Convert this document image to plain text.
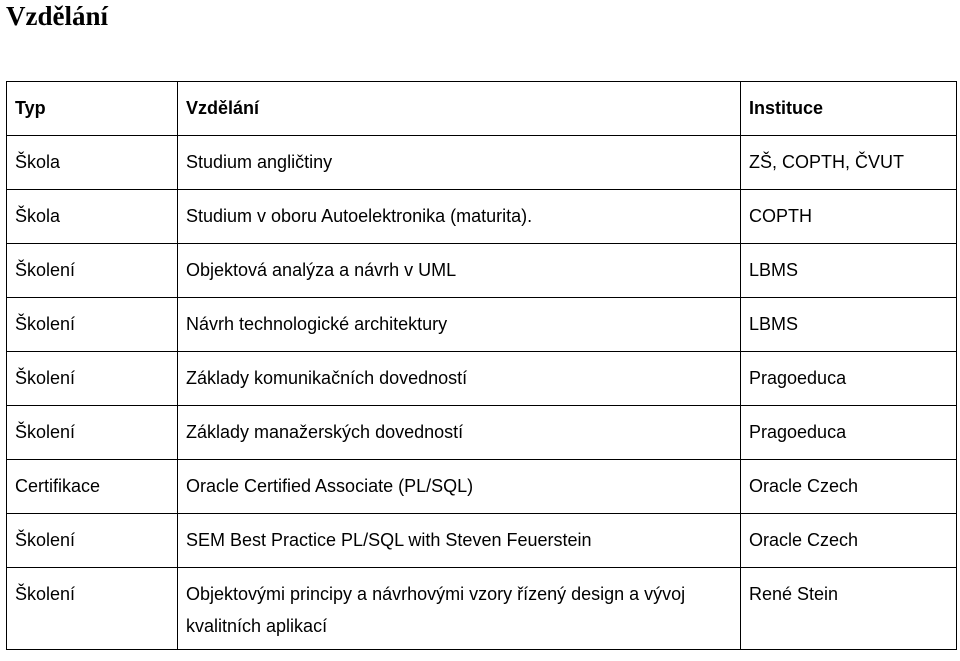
Vzdělání
Typ	Vzdělání	Instituce
Škola	Studium angličtiny	ZŠ, COPTH, ČVUT
Škola	Studium v oboru Autoelektronika (maturita).	COPTH
Školení	Objektová analýza a návrh v UML	LBMS
Školení	Návrh technologické architektury	LBMS
Školení	Základy komunikačních dovedností	Pragoeduca
Školení	Základy manažerských dovedností	Pragoeduca
Certifikace	Oracle Certified Associate (PL/SQL)	Oracle Czech
Školení	SEM Best Practice PL/SQL with Steven Feuerstein	Oracle Czech
Školení	Objektovými principy a návrhovými vzory řízený design a vývoj kvalitních aplikací	René Stein
